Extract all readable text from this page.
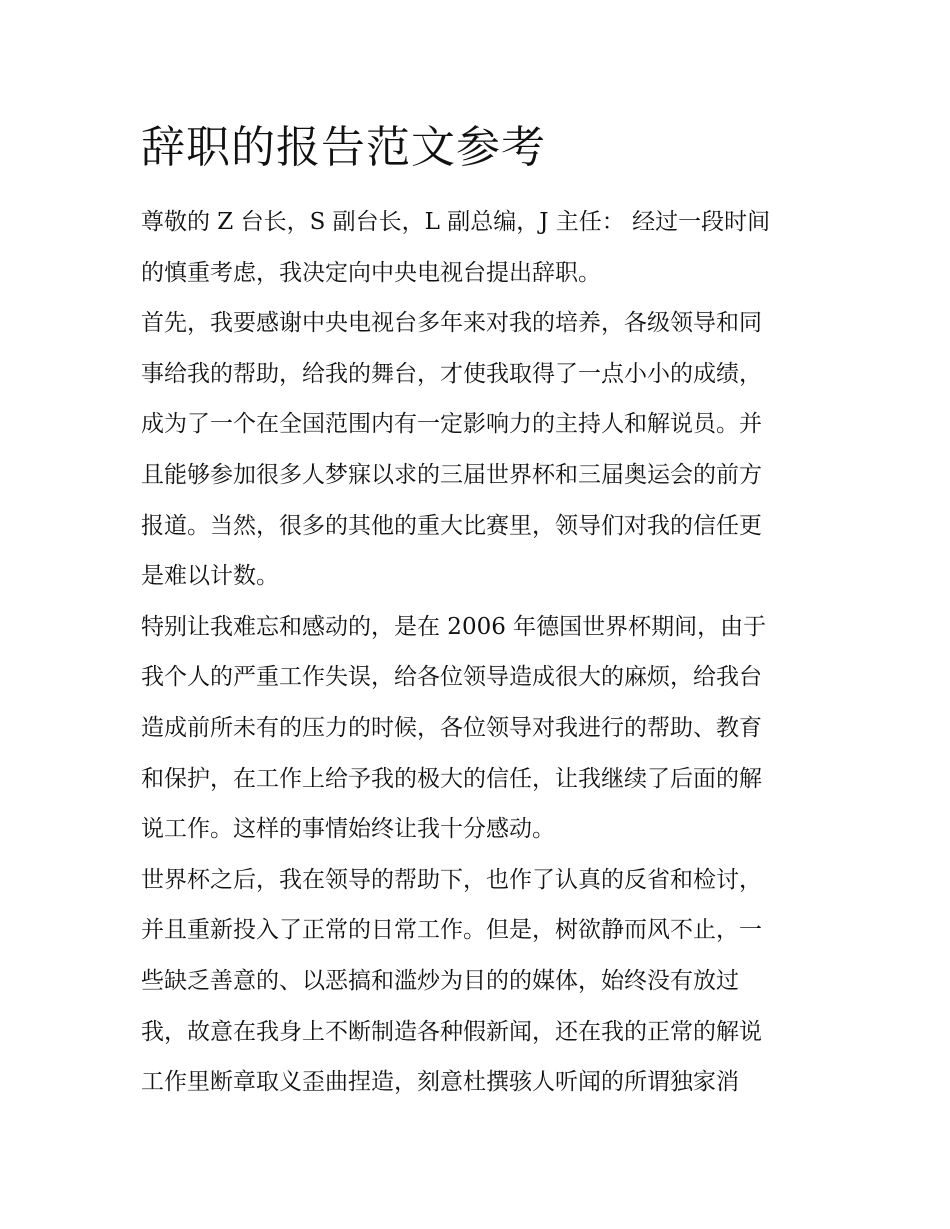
辞职的报告范文参考
尊敬的 Z 台长，S 副台长，L 副总编，J 主任： 经过一段时间
的慎重考虑，我决定向中央电视台提出辞职。
首先，我要感谢中央电视台多年来对我的培养，各级领导和同
事给我的帮助，给我的舞台，才使我取得了一点小小的成绩，
成为了一个在全国范围内有一定影响力的主持人和解说员。并
且能够参加很多人梦寐以求的三届世界杯和三届奥运会的前方
报道。当然，很多的其他的重大比赛里，领导们对我的信任更
是难以计数。
特别让我难忘和感动的，是在 2006 年德国世界杯期间，由于
我个人的严重工作失误，给各位领导造成很大的麻烦，给我台
造成前所未有的压力的时候，各位领导对我进行的帮助、教育
和保护，在工作上给予我的极大的信任，让我继续了后面的解
说工作。这样的事情始终让我十分感动。
世界杯之后，我在领导的帮助下，也作了认真的反省和检讨，
并且重新投入了正常的日常工作。但是，树欲静而风不止，一
些缺乏善意的、以恶搞和滥炒为目的的媒体，始终没有放过
我，故意在我身上不断制造各种假新闻，还在我的正常的解说
工作里断章取义歪曲捏造，刻意杜撰骇人听闻的所谓独家消
